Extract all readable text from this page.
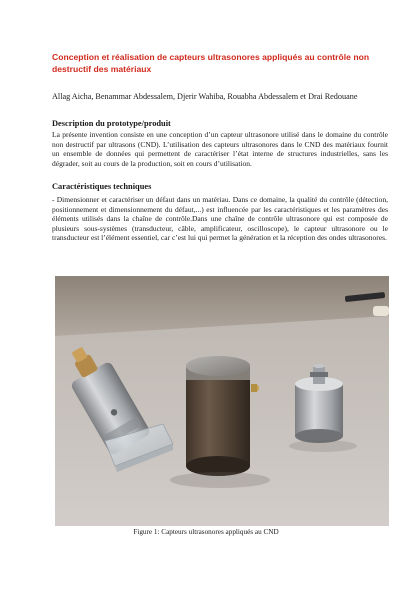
Conception et réalisation de capteurs ultrasonores appliqués au contrôle non destructif des matériaux
Allag Aicha, Benammar Abdessalem, Djerir Wahiba, Rouabha Abdessalem et Drai Redouane
Description du prototype/produit
La présente invention consiste en une conception d’un capteur ultrasonore utilisé dans le domaine du contrôle non destructif par ultrasons (CND). L’utilisation des capteurs ultrasonores dans le CND des matériaux fournit un ensemble de données qui permettent de caractériser l’état interne de structures industrielles, sans les dégrader, soit au cours de la production, soit en cours d’utilisation.
Caractéristiques techniques
- Dimensionner et caractériser un défaut dans un matériau. Dans ce domaine, la qualité du contrôle (détection, positionnement et dimensionnement du défaut,...) est influencée par les caractéristiques et les paramètres des éléments utilisés dans la chaîne de contrôle.Dans une chaîne de contrôle ultrasonore qui est composée de plusieurs sous-systèmes (transducteur, câble, amplificateur, oscilloscope), le capteur ultrasonore ou le transducteur est l’élément essentiel, car c’est lui qui permet la génération et la réception des ondes ultrasonores.
Figure 1: Capteurs ultrasonores appliqués au CND
